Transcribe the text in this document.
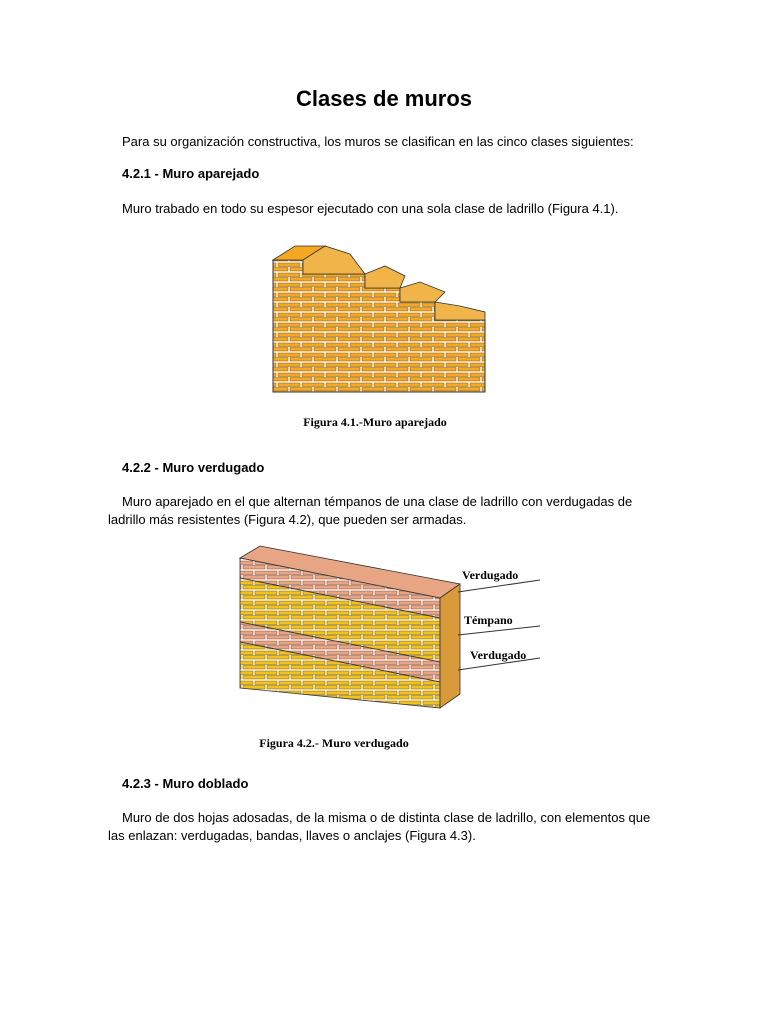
Clases de muros

Para su organización constructiva, los muros se clasifican en las cinco clases siguientes:

4.2.1 - Muro aparejado

Muro trabado en todo su espesor ejecutado con una sola clase de ladrillo (Figura 4.1).

Figura 4.1.-Muro aparejado
4.2.2 - Muro verdugado

Muro aparejado en el que alternan témpanos de una clase de ladrillo con verdugadas de

ladrillo más resistentes (Figura 4.2), que pueden ser armadas.

Verdugado
Témpano
Verdugado
Figura 4.2.- Muro verdugado
4.2.3 - Muro doblado

Muro de dos hojas adosadas, de la misma o de distinta clase de ladrillo, con elementos que

las enlazan: verdugadas, bandas, llaves o anclajes (Figura 4.3).
